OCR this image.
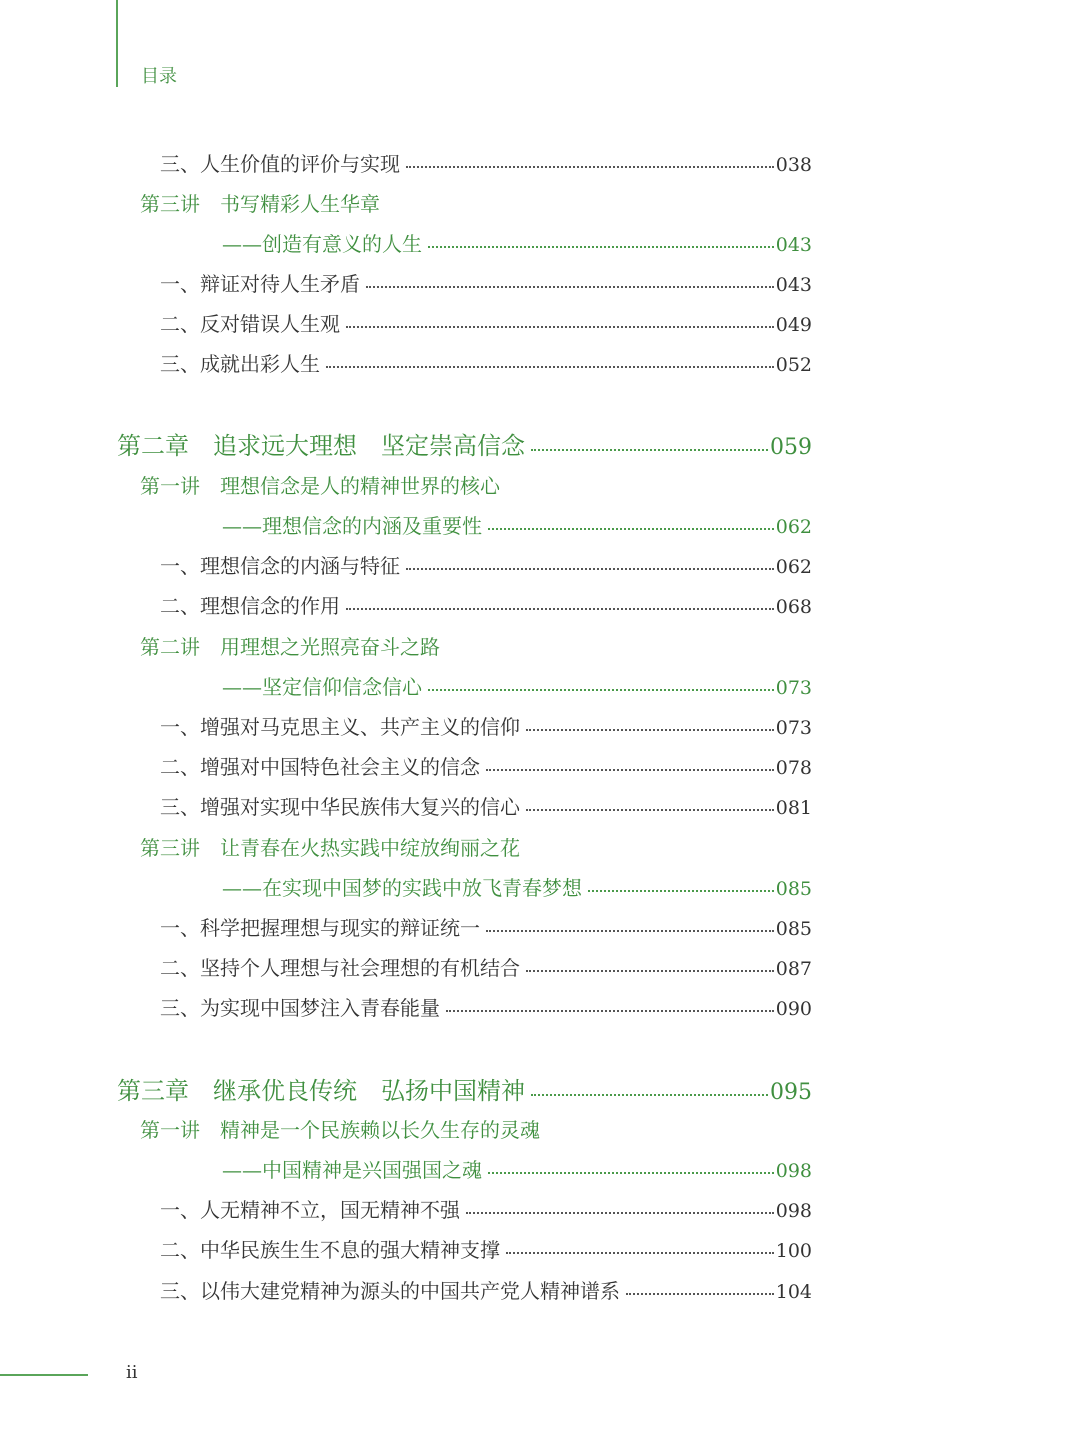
目录
三、人生价值的评价与实现	038
第三讲　书写精彩人生华章
——创造有意义的人生	043
一、辩证对待人生矛盾	043
二、反对错误人生观	049
三、成就出彩人生	052
第二章　追求远大理想　坚定崇高信念	059
第一讲　理想信念是人的精神世界的核心
——理想信念的内涵及重要性	062
一、理想信念的内涵与特征	062
二、理想信念的作用	068
第二讲　用理想之光照亮奋斗之路
——坚定信仰信念信心	073
一、增强对马克思主义、共产主义的信仰	073
二、增强对中国特色社会主义的信念	078
三、增强对实现中华民族伟大复兴的信心	081
第三讲　让青春在火热实践中绽放绚丽之花
——在实现中国梦的实践中放飞青春梦想	085
一、科学把握理想与现实的辩证统一	085
二、坚持个人理想与社会理想的有机结合	087
三、为实现中国梦注入青春能量	090
第三章　继承优良传统　弘扬中国精神	095
第一讲　精神是一个民族赖以长久生存的灵魂
——中国精神是兴国强国之魂	098
一、人无精神不立，国无精神不强	098
二、中华民族生生不息的强大精神支撑	100
三、以伟大建党精神为源头的中国共产党人精神谱系	104
ii
